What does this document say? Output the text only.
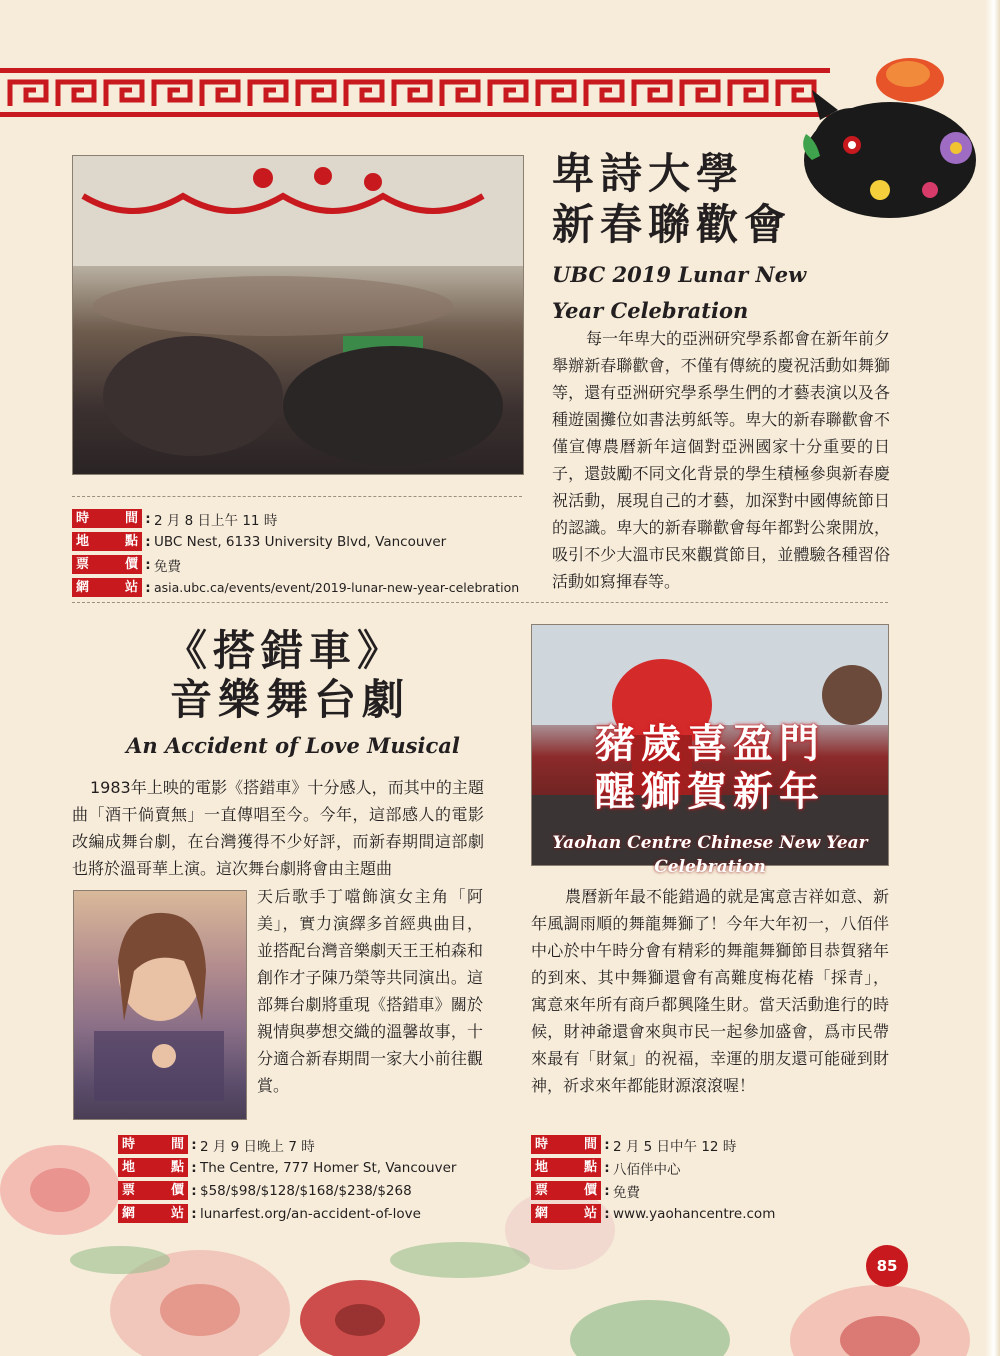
卑詩大學
新春聯歡會
UBC 2019 Lunar New Year Celebration
每一年卑大的亞洲研究學系都會在新年前夕舉辦新春聯歡會，不僅有傳統的慶祝活動如舞獅等，還有亞洲研究學系學生們的才藝表演以及各種遊園攤位如書法剪紙等。卑大的新春聯歡會不僅宣傳農曆新年這個對亞洲國家十分重要的日子，還鼓勵不同文化背景的學生積極參與新春慶祝活動，展現自己的才藝，加深對中國傳統節日的認識。卑大的新春聯歡會每年都對公衆開放，吸引不少大溫市民來觀賞節目，並體驗各種習俗活動如寫揮春等。
時	間 : 2 月 8 日上午 11 時
地	點 : UBC Nest, 6133 University Blvd, Vancouver
票	價 : 免費
網	站 : asia.ubc.ca/events/event/2019-lunar-new-year-celebration
《搭錯車》
音樂舞台劇
An Accident of Love Musical
1983年上映的電影《搭錯車》十分感人，而其中的主題曲「酒干倘賣無」一直傳唱至今。今年，這部感人的電影改編成舞台劇，在台灣獲得不少好評，而新春期間這部劇也將於溫哥華上演。這次舞台劇將會由主題曲
天后歌手丁噹飾演女主角「阿美」，實力演繹多首經典曲目，並搭配台灣音樂劇天王王柏森和創作才子陳乃榮等共同演出。這部舞台劇將重現《搭錯車》關於親情與夢想交織的溫馨故事，十分適合新春期間一家大小前往觀賞。
豬歲喜盈門
醒獅賀新年
Yaohan Centre Chinese New Year Celebration
農曆新年最不能錯過的就是寓意吉祥如意、新年風調雨順的舞龍舞獅了！今年大年初一，八佰伴中心於中午時分會有精彩的舞龍舞獅節目恭賀豬年的到來、其中舞獅還會有高難度梅花樁「採青」，寓意來年所有商戶都興隆生財。當天活動進行的時候，財神爺還會來與市民一起參加盛會，爲市民帶來最有「財氣」的祝福，幸運的朋友還可能碰到財神，祈求來年都能財源滾滾喔！
時	間 : 2 月 9 日晚上 7 時
地	點 : The Centre, 777 Homer St, Vancouver
票	價 : $58/$98/$128/$168/$238/$268
網	站 : lunarfest.org/an-accident-of-love
時	間 : 2 月 5 日中午 12 時
地	點 : 八佰伴中心
票	價 : 免費
網	站 : www.yaohancentre.com
85
